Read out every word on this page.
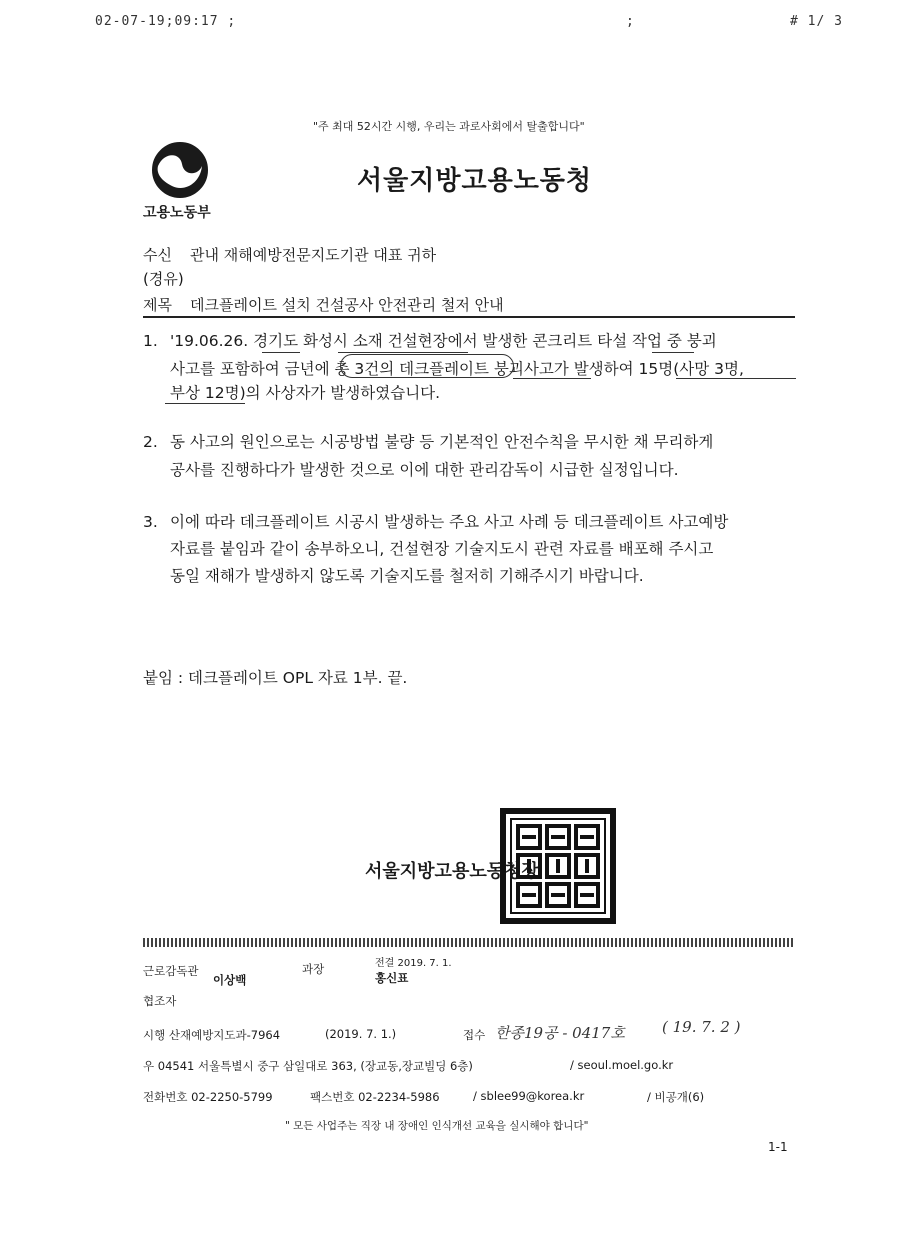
02-07-19;09:17 ;	;	# 1/ 3
"주 최대 52시간 시행, 우리는 과로사회에서 탈출합니다"
고용노동부
서울지방고용노동청
수신 관내 재해예방전문지도기관 대표 귀하
(경유)
제목 데크플레이트 설치 건설공사 안전관리 철저 안내
1. '19.06.26. 경기도 화성시 소재 건설현장에서 발생한 콘크리트 타설 작업 중 붕괴
사고를 포함하여 금년에 총 3건의 데크플레이트 붕괴사고가 발생하여 15명(사망 3명,
부상 12명)의 사상자가 발생하였습니다.
2. 동 사고의 원인으로는 시공방법 불량 등 기본적인 안전수칙을 무시한 채 무리하게
공사를 진행하다가 발생한 것으로 이에 대한 관리감독이 시급한 실정입니다.
3. 이에 따라 데크플레이트 시공시 발생하는 주요 사고 사례 등 데크플레이트 사고예방
자료를 붙임과 같이 송부하오니, 건설현장 기술지도시 관련 자료를 배포해 주시고
동일 재해가 발생하지 않도록 기술지도를 철저히 기해주시기 바랍니다.
붙임 : 데크플레이트 OPL 자료 1부. 끝.
서울지방고용노동청장
근로감독관
이상백
과장	전결 2019. 7. 1.
홍신표
협조자
시행 산재예방지도과-7964	(2019. 7. 1.)	접수 한종19공 - 0417호 ( 19. 7. 2 )
우 04541 서울특별시 중구 삼일대로 363, (장교동,장교빌딩 6층)	/ seoul.moel.go.kr
전화번호 02-2250-5799	팩스번호 02-2234-5986	/ sblee99@korea.kr	/ 비공개(6)
" 모든 사업주는 직장 내 장애인 인식개선 교육을 실시해야 합니다"
1-1
